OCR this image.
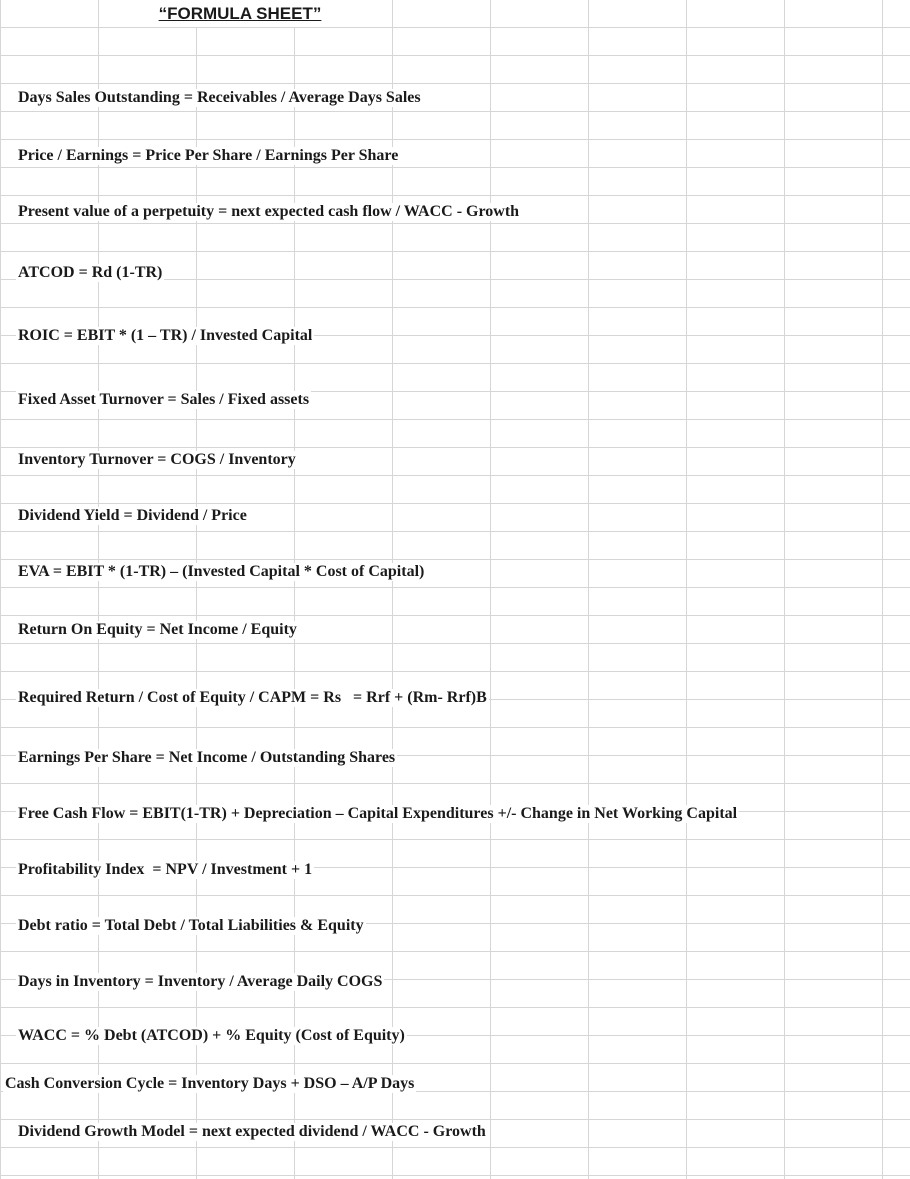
“FORMULA SHEET”
Days Sales Outstanding = Receivables / Average Days Sales
Price / Earnings = Price Per Share / Earnings Per Share
Present value of a perpetuity = next expected cash flow / WACC - Growth
ATCOD = Rd (1-TR)
ROIC = EBIT * (1 – TR) / Invested Capital
Fixed Asset Turnover = Sales / Fixed assets
Inventory Turnover = COGS / Inventory
Dividend Yield = Dividend / Price
EVA = EBIT * (1-TR) – (Invested Capital * Cost of Capital)
Return On Equity = Net Income / Equity
Required Return / Cost of Equity / CAPM = Rs   = Rrf + (Rm- Rrf)B
Earnings Per Share = Net Income / Outstanding Shares
Free Cash Flow = EBIT(1-TR) + Depreciation – Capital Expenditures +/- Change in Net Working Capital
Profitability Index  = NPV / Investment + 1
Debt ratio = Total Debt / Total Liabilities & Equity
Days in Inventory = Inventory / Average Daily COGS
WACC = % Debt (ATCOD) + % Equity (Cost of Equity)
Cash Conversion Cycle = Inventory Days + DSO – A/P Days
Dividend Growth Model = next expected dividend / WACC - Growth
